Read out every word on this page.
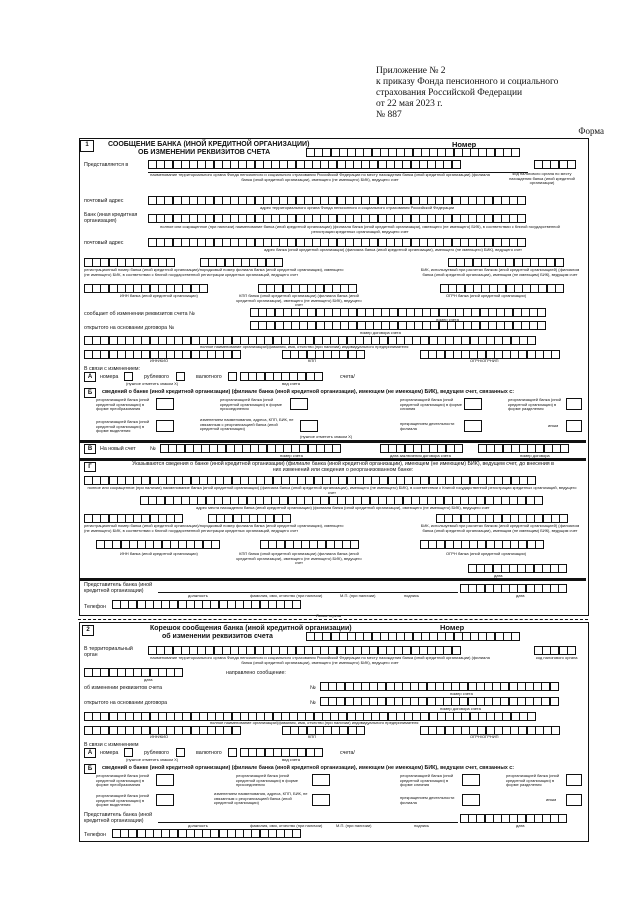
Приложение № 2
к приказу Фонда пенсионного и социального
страхования Российской Федерации
от 22 мая 2023 г.
№ 887
Форма
1	СООБЩЕНИЕ БАНКА (ИНОЙ КРЕДИТНОЙ ОРГАНИЗАЦИИ)
ОБ ИЗМЕНЕНИИ РЕКВИЗИТОВ СЧЕТА
Номер
Представляется в
наименование территориального органа Фонда пенсионного и социального страхования Российской Федерации по месту нахождения банка (иной кредитной организации) (филиала банка (иной кредитной организации), имеющего (не имеющего) БИК), ведущего счет
код налогового органа по месту нахождения банка (иной кредитной организации)
почтовый адрес
адрес территориального органа Фонда пенсионного и социального страхования Российской Федерации
Банк (иная кредитная организация)
полное или сокращенное (при наличии) наименование банка (иной кредитной организации) (филиала банка (иной кредитной организации), имеющего (не имеющего) БИК), в соответствии с Книгой государственной регистрации кредитных организаций, ведущего счет
почтовый адрес
адрес банка (иной кредитной организации) (филиала банка (иной кредитной организации), имеющего (не имеющего) БИК), ведущего счет
регистрационный номер банка (иной кредитной организации)/порядковый номер филиала банка (иной кредитной организации), имеющего (не имеющего) БИК, в соответствии с Книгой государственной регистрации кредитных организаций, ведущего счет
БИК, используемый при расчетах банком (иной кредитной организацией) (филиалом банка (иной кредитной организации), имеющим (не имеющим) БИК), ведущим счет
ИНН банка (иной кредитной организации)	КПП банка (иной кредитной организации) (филиала банка (иной кредитной организации), имеющего (не имеющего) БИК), ведущего счет
ОГРН банка (иной кредитной организации)
сообщает об изменении реквизитов счета №
номер счета
открытого на основании договора №
номер договора счета
полное наименование организации/(фамилия, имя, отчество (при наличии) индивидуального предпринимателя
ИНН/КИО	КПП	ОГРН/ОГРНИП
В связи с изменением:
А	номера	рублевого	валютного	счета/
(нужное отметить знаком X)	вид счета
Б	сведений о банке (иной кредитной организации) (филиале банка (иной кредитной организации), имеющем (не имеющем) БИК), ведущем счет, связанных с:
реорганизацией банка (иной кредитной организации) в форме преобразования
реорганизацией банка (иной кредитной организации) в форме присоединения
реорганизацией банка (иной кредитной организации) в форме слияния
реорганизацией банка (иной кредитной организации) в форме разделения
реорганизацией банка (иной кредитной организации) в форме выделения
изменением наименования, адреса, КПП, БИК, не связанным с реорганизацией банка (иной кредитной организации)
прекращением деятельности филиала
иным
(нужное отметить знаком X)
В	На новый счет	№
номер счета	дата заключения договора счета	номер договора
Г	Указываются сведения о банке (иной кредитной организации) (филиале банка (иной кредитной организации), имеющем (не имеющем) БИК), ведущем счет, до внесения в них изменений или сведения о реорганизованном банке:
полное или сокращенное (при наличии) наименование банка (иной кредитной организации) (филиала банка (иной кредитной организации), имеющего (не имеющего) БИК), в соответствии с Книгой государственной регистрации кредитных организаций, ведущего счет
адрес места нахождения банка (иной кредитной организации) (филиала банка (иной кредитной организации), имеющего (не имеющего) БИК), ведущего счет
регистрационный номер банка (иной кредитной организации)/порядковый номер филиала банка (иной кредитной организации), имеющего (не имеющего) БИК, в соответствии с Книгой государственной регистрации кредитных организаций, ведущего счет
БИК, используемый при расчетах банком (иной кредитной организацией) (филиалом банка (иной кредитной организации), имеющим (не имеющим) БИК), ведущим счет
ИНН банка (иной кредитной организации)	КПП банка (иной кредитной организации) (филиала банка (иной кредитной организации), имеющего (не имеющего) БИК), ведущего счет
ОГРН банка (иной кредитной организации)
дата
Представитель банка (иной кредитной организации)
должность	фамилия, имя, отчество (при наличии)	М.П. (при наличии)	подпись	дата
Телефон
Линия отреза
2	Корешок сообщения банка (иной кредитной организации)
об изменении реквизитов счета
Номер
В территориальный орган	наименование территориального органа Фонда пенсионного и социального страхования Российской Федерации по месту нахождения банка (иной кредитной организации) (филиала банка (иной кредитной организации), имеющего (не имеющего) БИК), ведущего счет
код налогового органа
дата
направлено сообщение:
об изменении реквизитов счета	№
номер счета
открытого на основании договора	№
номер договора счета
полное наименование организации/(фамилия, имя, отчество (при наличии) индивидуального предпринимателя
ИНН/КИО	КПП	ОГРН/ОГРНИП
В связи с изменением
А	номера	рублевого	валютного	счета/
(нужное отметить знаком X)	вид счета
Б	сведений о банке (иной кредитной организации) (филиале банка (иной кредитной организации), имеющем (не имеющем) БИК), ведущем счет, связанных с:
реорганизацией банка (иной кредитной организации) в форме преобразования
реорганизацией банка (иной кредитной организации) в форме присоединения
реорганизацией банка (иной кредитной организации) в форме слияния
реорганизацией банка (иной кредитной организации) в форме разделения
реорганизацией банка (иной кредитной организации) в форме выделения
изменением наименования, адреса, КПП, БИК, не связанным с реорганизацией банка (иной кредитной организации)
прекращением деятельности филиала
иным
Представитель банка (иной кредитной организации)
должность	фамилия, имя, отчество (при наличии)	М.П. (при наличии)	подпись	дата
Телефон
